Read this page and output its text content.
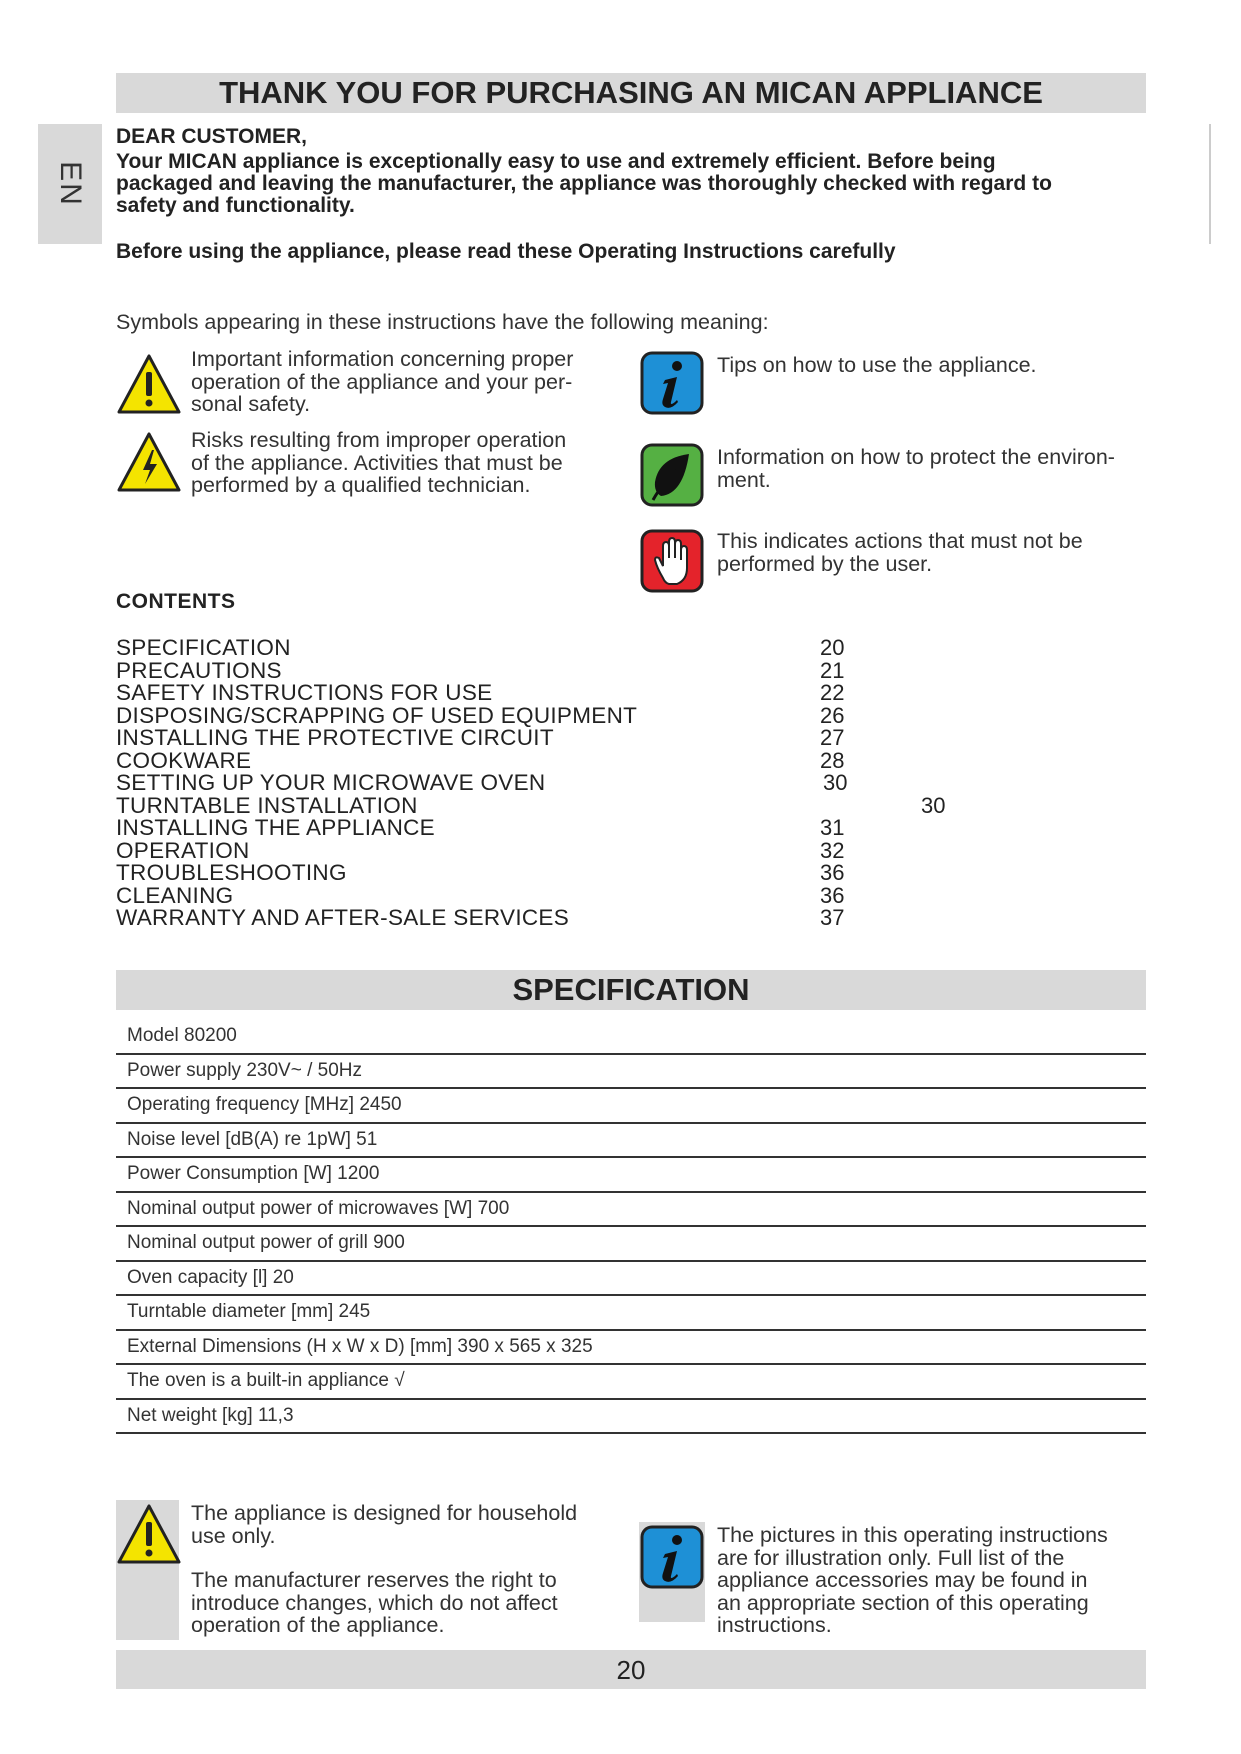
THANK YOU FOR PURCHASING AN MICAN APPLIANCE
EN
DEAR CUSTOMER,
Your MICAN appliance is exceptionally easy to use and extremely efficient. Before being
packaged and leaving the manufacturer, the appliance was thoroughly checked with regard to
safety and functionality.
Before using the appliance, please read these Operating Instructions carefully
Symbols appearing in these instructions have the following meaning:
Important information concerning proper
operation of the appliance and your per-
sonal safety.
Risks resulting from improper operation
of the appliance. Activities that must be
performed by a qualified technician.
Tips on how to use the appliance.
Information on how to protect the environ-
ment.
This indicates actions that must not be
performed by the user.
CONTENTS
SPECIFICATION
PRECAUTIONS
SAFETY INSTRUCTIONS FOR USE
DISPOSING/SCRAPPING OF USED EQUIPMENT
INSTALLING THE PROTECTIVE CIRCUIT
COOKWARE
SETTING UP YOUR MICROWAVE OVEN
TURNTABLE INSTALLATION
INSTALLING THE APPLIANCE
OPERATION
TROUBLESHOOTING
CLEANING
WARRANTY AND AFTER-SALE SERVICES
20
21
22
26
27
28
30
30
31
32
36
36
37
SPECIFICATION
Model 80200
Power supply 230V~ / 50Hz
Operating frequency [MHz] 2450
Noise level [dB(A) re 1pW] 51
Power Consumption [W] 1200
Nominal output power of microwaves [W] 700
Nominal output power of grill 900
Oven capacity [l] 20
Turntable diameter [mm] 245
External Dimensions (H x W x D) [mm] 390 x 565 x 325
The oven is a built-in appliance √
Net weight [kg] 11,3
The appliance is designed for household
use only.
The manufacturer reserves the right to
introduce changes, which do not affect
operation of the appliance.
The pictures in this operating instructions
are for illustration only. Full list of the
appliance accessories may be found in
an appropriate section of this operating
instructions.
20
